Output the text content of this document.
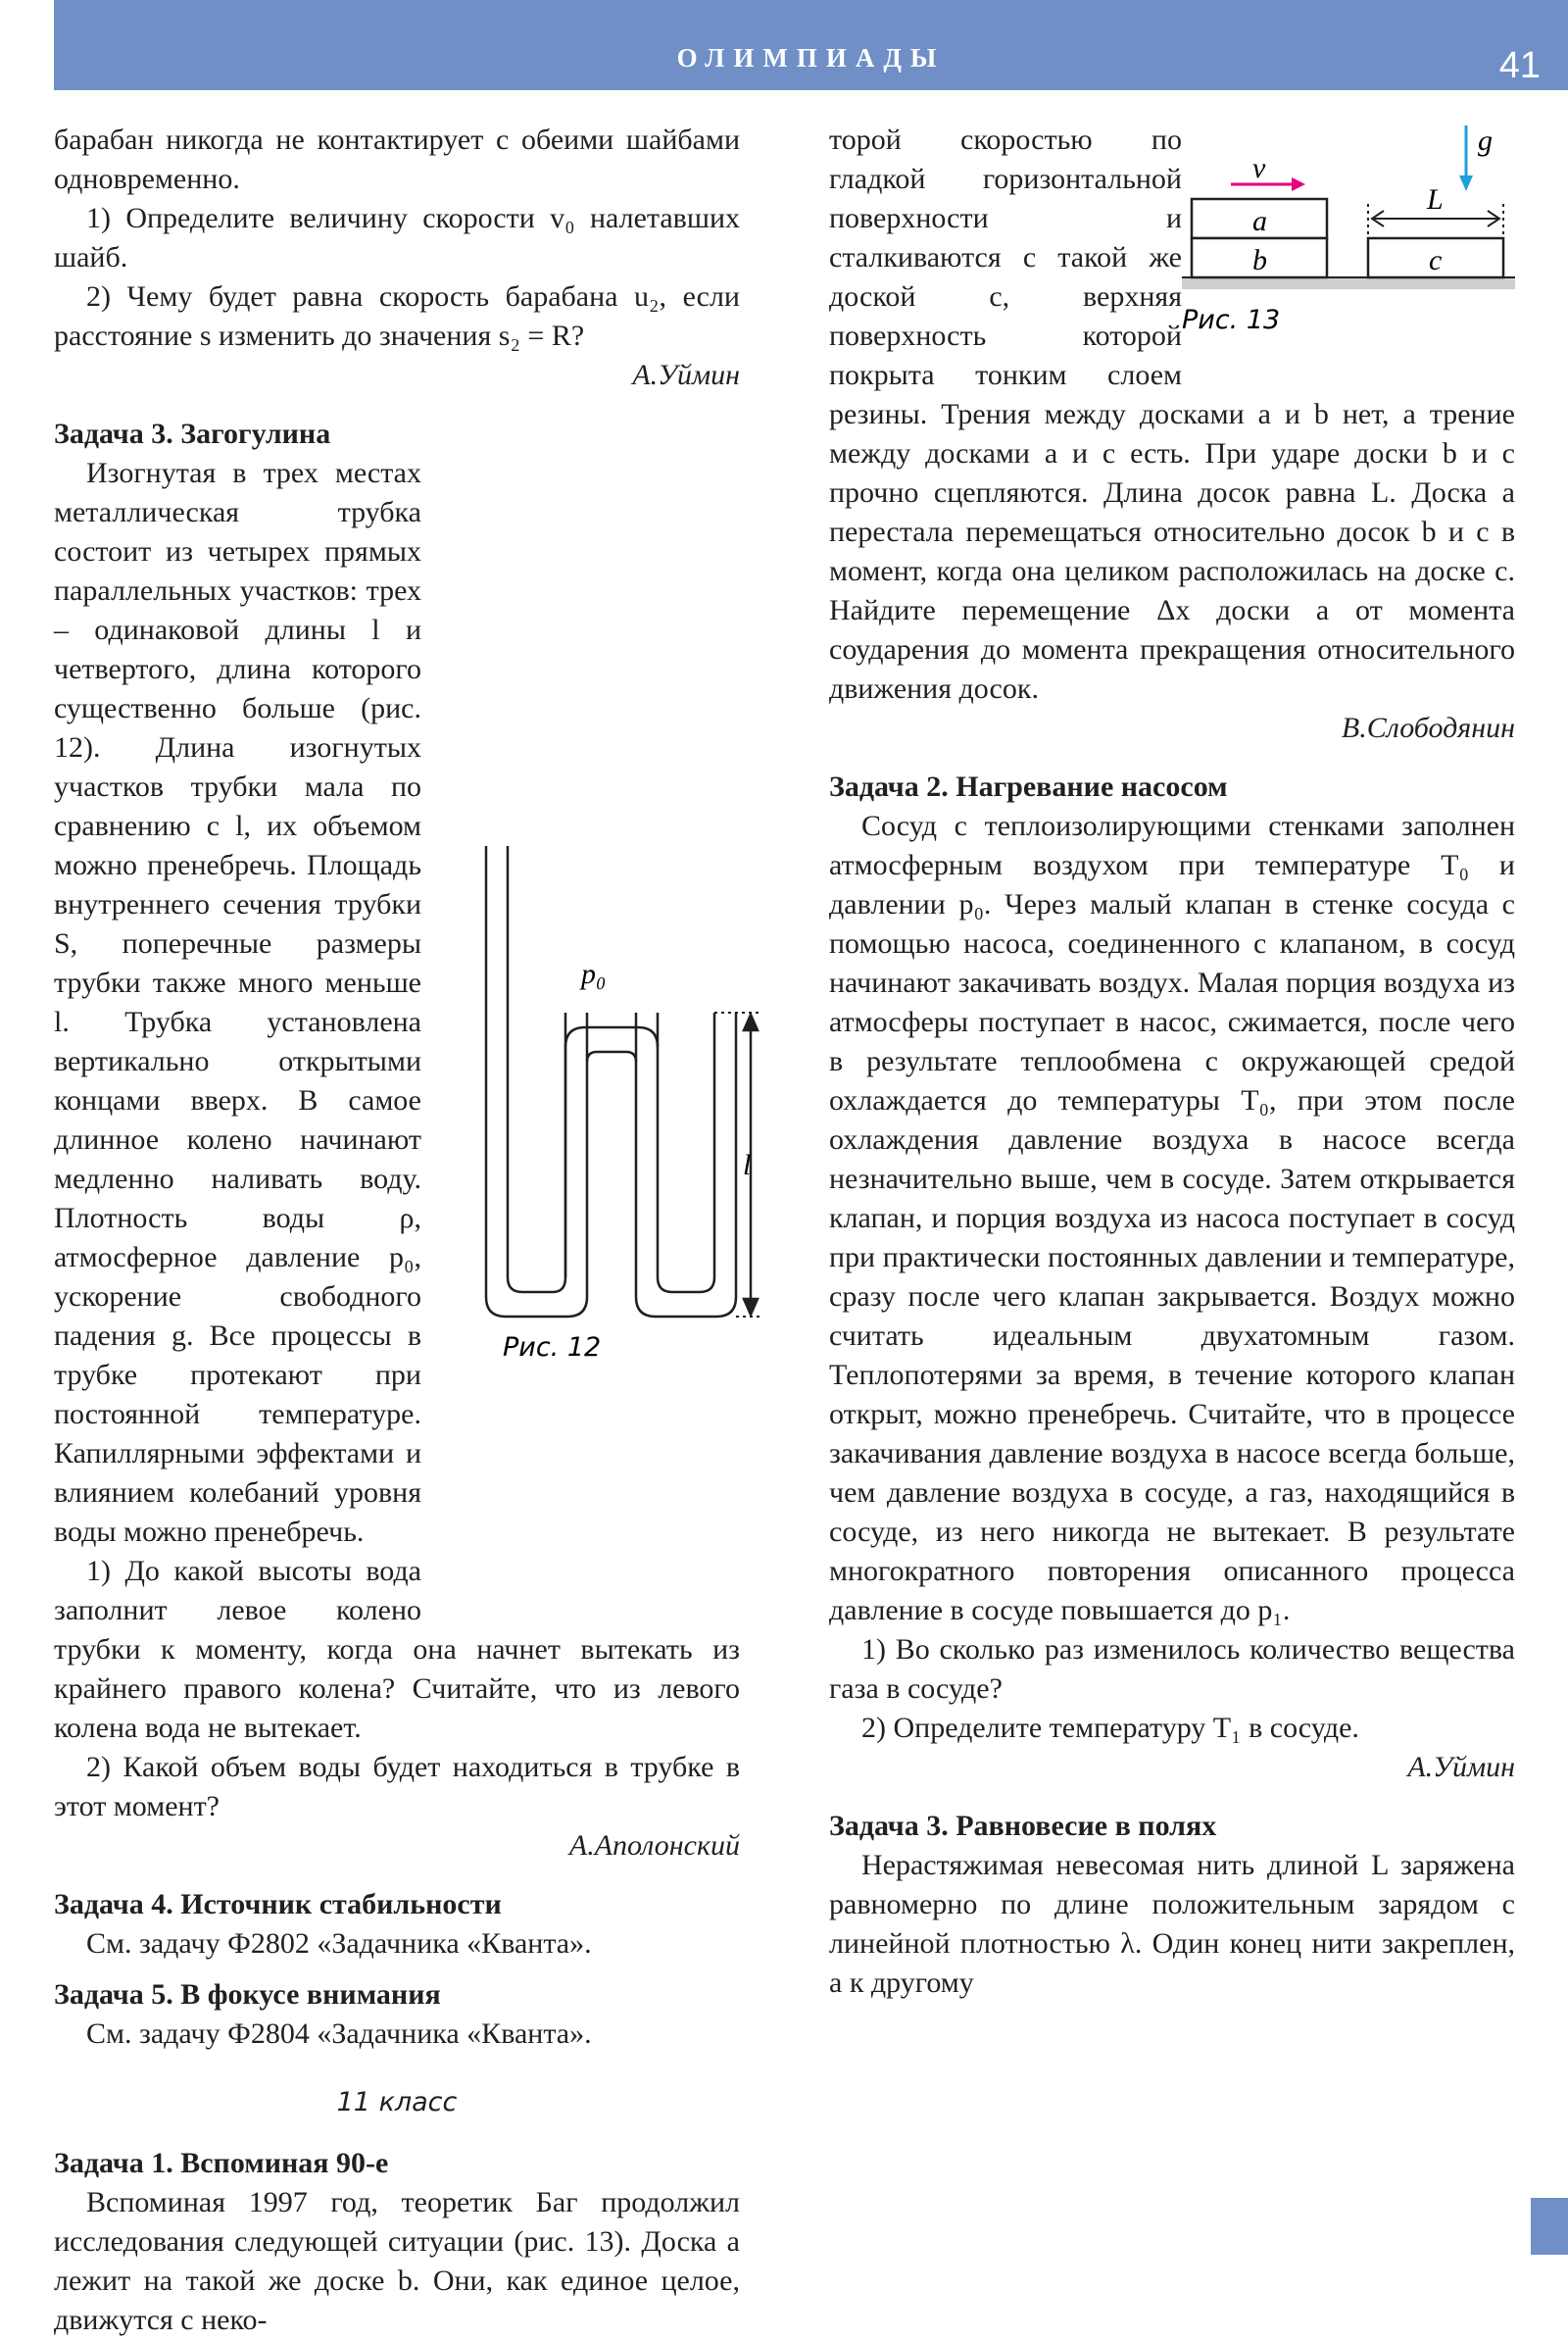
ОЛИМПИАДЫ	41

барабан никогда не контактирует с обеими шайбами одновременно.

1) Определите величину скорости v₀ налетавших шайб.

2) Чему будет равна скорость барабана u₂, если расстояние s изменить до значения s₂ = R?

А.Уймин

Задача 3. Загогулина

p₀
l
Рис. 12
Изогнутая в трех местах металлическая трубка состоит из четырех прямых параллельных участков: трех – одинаковой длины l и четвертого, длина которого существенно больше (рис. 12). Длина изогнутых участков трубки мала по сравнению с l, их объемом можно пренебречь. Площадь внутреннего сечения трубки S, поперечные размеры трубки также много меньше l. Трубка установлена вертикально открытыми концами вверх. В самое длинное колено начинают медленно наливать воду. Плотность воды ρ, атмосферное давление p₀, ускорение свободного падения g. Все процессы в трубке протекают при постоянной температуре. Капиллярными эффектами и влиянием колебаний уровня воды можно пренебречь.

1) До какой высоты вода заполнит левое колено трубки к моменту, когда она начнет вытекать из крайнего правого колена? Считайте, что из левого колена вода не вытекает.

2) Какой объем воды будет находиться в трубке в этот момент?

А.Аполонский

Задача 4. Источник стабильности

См. задачу Ф2802 «Задачника «Кванта».

Задача 5. В фокусе внимания

См. задачу Ф2804 «Задачника «Кванта».

11 класс

Задача 1. Вспоминая 90-е

Вспоминая 1997 год, теоретик Баг продолжил исследования следующей ситуации (рис. 13). Доска a лежит на такой же доске b. Они, как единое целое, движутся с неко-

v
g
L
a
b	c
Рис. 13
торой скоростью по гладкой горизонтальной поверхности и сталкиваются с такой же доской c, верхняя поверхность которой покрыта тонким слоем резины. Трения между досками a и b нет, а трение между досками a и c есть. При ударе доски b и c прочно сцепляются. Длина досок равна L. Доска a перестала перемещаться относительно досок b и c в момент, когда она целиком расположилась на доске c. Найдите перемещение Δx доски a от момента соударения до момента прекращения относительного движения досок.

В.Слободянин

Задача 2. Нагревание насосом

Сосуд с теплоизолирующими стенками заполнен атмосферным воздухом при температуре T₀ и давлении p₀. Через малый клапан в стенке сосуда с помощью насоса, соединенного с клапаном, в сосуд начинают закачивать воздух. Малая порция воздуха из атмосферы поступает в насос, сжимается, после чего в результате теплообмена с окружающей средой охлаждается до температуры T₀, при этом после охлаждения давление воздуха в насосе всегда незначительно выше, чем в сосуде. Затем открывается клапан, и порция воздуха из насоса поступает в сосуд при практически постоянных давлении и температуре, сразу после чего клапан закрывается. Воздух можно считать идеальным двухатомным газом. Теплопотерями за время, в течение которого клапан открыт, можно пренебречь. Считайте, что в процессе закачивания давление воздуха в насосе всегда больше, чем давление воздуха в сосуде, а газ, находящийся в сосуде, из него никогда не вытекает. В результате многократного повторения описанного процесса давление в сосуде повышается до p₁.

1) Во сколько раз изменилось количество вещества газа в сосуде?

2) Определите температуру T₁ в сосуде.

А.Уймин

Задача 3. Равновесие в полях

Нерастяжимая невесомая нить длиной L заряжена равномерно по длине положительным зарядом с линейной плотностью λ. Один конец нити закреплен, а к другому
